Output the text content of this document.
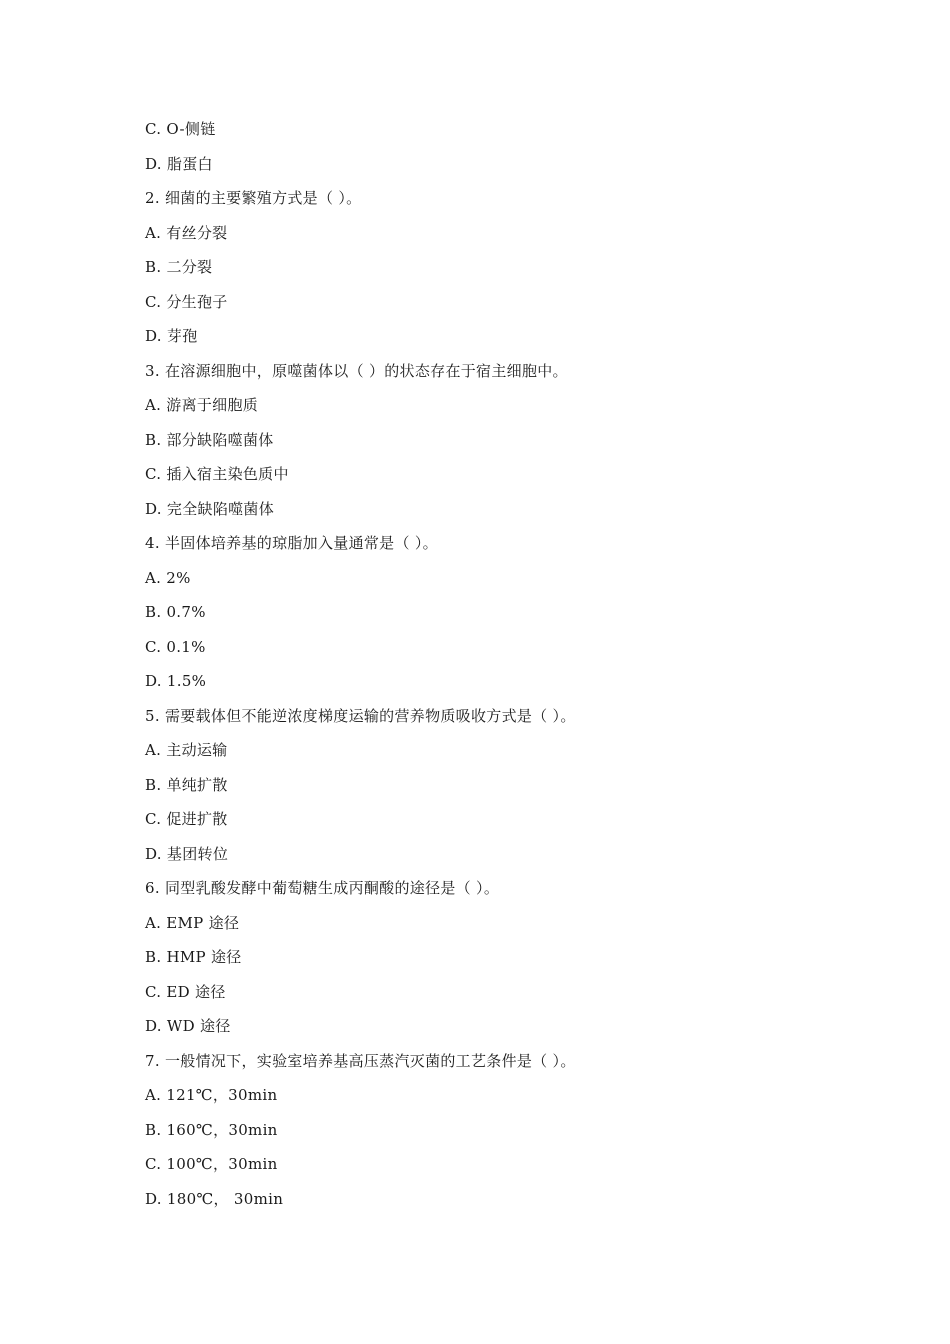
C. O-侧链
D. 脂蛋白
2. 细菌的主要繁殖方式是（ ）。
A. 有丝分裂
B. 二分裂
C. 分生孢子
D. 芽孢
3. 在溶源细胞中，原噬菌体以（ ）的状态存在于宿主细胞中。
A. 游离于细胞质
B. 部分缺陷噬菌体
C. 插入宿主染色质中
D. 完全缺陷噬菌体
4. 半固体培养基的琼脂加入量通常是（ ）。
A. 2%
B. 0.7%
C. 0.1%
D. 1.5%
5. 需要载体但不能逆浓度梯度运输的营养物质吸收方式是（ ）。
A. 主动运输
B. 单纯扩散
C. 促进扩散
D. 基团转位
6. 同型乳酸发酵中葡萄糖生成丙酮酸的途径是（ ）。
A. EMP 途径
B. HMP 途径
C. ED 途径
D. WD 途径
7. 一般情况下，实验室培养基高压蒸汽灭菌的工艺条件是（ ）。
A. 121℃，30min
B. 160℃，30min
C. 100℃，30min
D. 180℃， 30min
